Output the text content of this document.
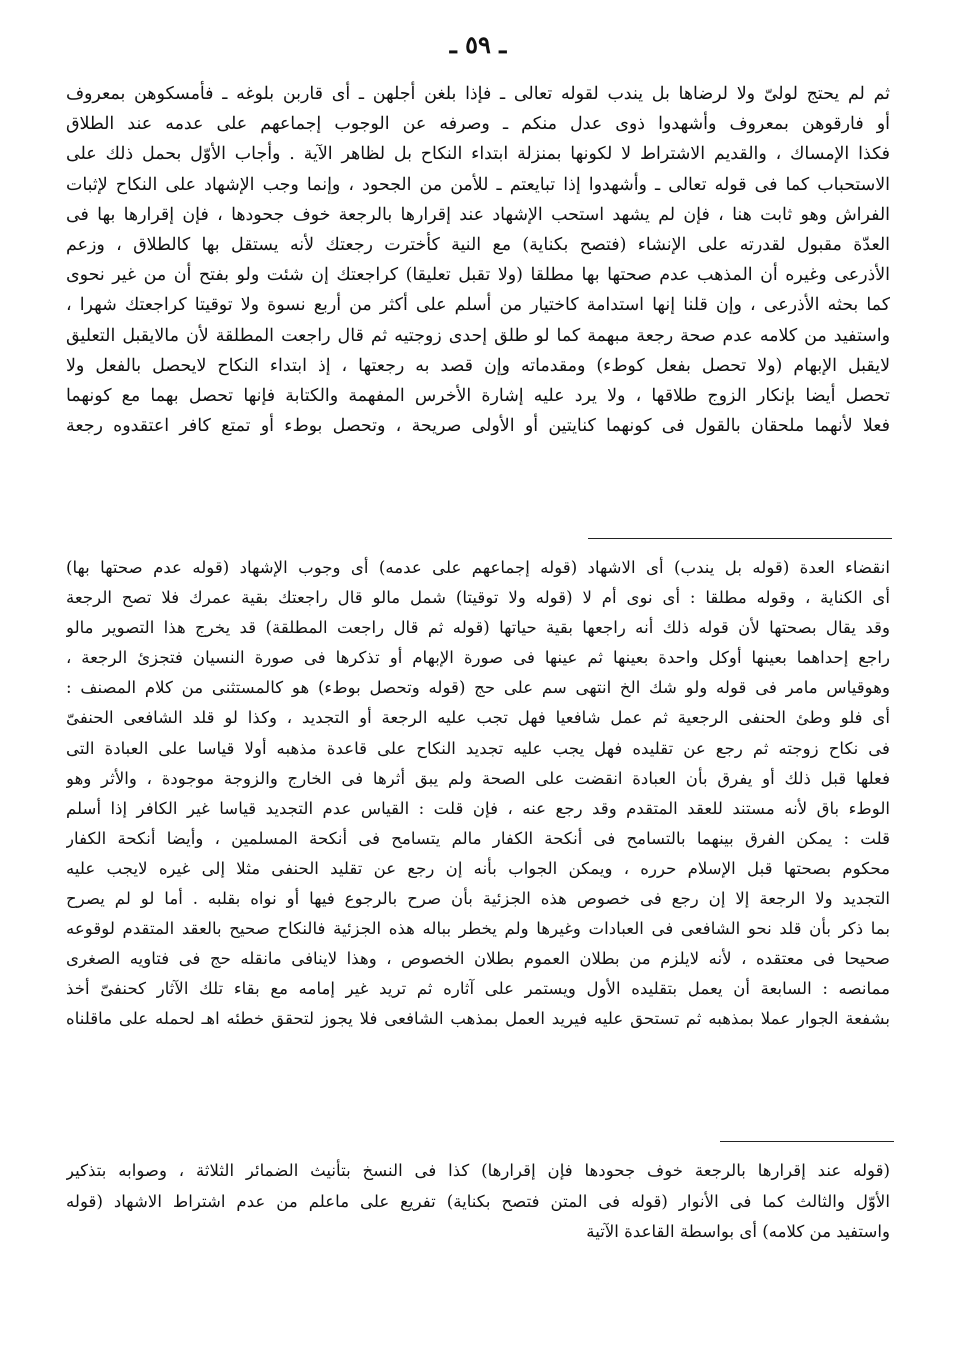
ـ ٥٩ ـ
ثم لم يحتج لولىّ ولا لرضاها بل يندب لقوله تعالى ـ فإذا بلغن أجلهن ـ أى قاربن بلوغه ـ فأمسكوهن بمعروف
أو فارقوهن بمعروف وأشهدوا ذوى عدل منكم ـ وصرفه عن الوجوب إجماعهم على عدمه عند الطلاق
فكذا الإمساك ، والقديم الاشتراط لا لكونها بمنزلة ابتداء النكاح بل لظاهر الآية . وأجاب الأوّل بحمل ذلك على
الاستحباب كما فى قوله تعالى ـ وأشهدوا إذا تبايعتم ـ للأمن من الجحود ، وإنما وجب الإشهاد على النكاح لإثبات
الفراش وهو ثابت هنا ، فإن لم يشهد استحب الإشهاد عند إقرارها بالرجعة خوف جحودها ، فإن إقرارها بها فى
العدّة مقبول لقدرته على الإنشاء (فتصح بكناية) مع النية كأخترت رجعتك لأنه يستقل بها كالطلاق ، وزعم
الأذرعى وغيره أن المذهب عدم صحتها بها مطلقا (ولا تقبل تعليقا) كراجعتك إن شئت ولو بفتح أن من غير نحوى
كما بحثه الأذرعى ، وإن قلنا إنها استدامة كاختيار من أسلم على أكثر من أربع نسوة ولا توقيتا كراجعتك شهرا ،
واستفيد من كلامه عدم صحة رجعة مبهمة كما لو طلق إحدى زوجتيه ثم قال راجعت المطلقة لأن مالايقبل التعليق
لايقبل الإبهام (ولا تحصل بفعل كوطء) ومقدماته وإن قصد به رجعتها ، إذ ابتداء النكاح لايحصل بالفعل ولا
تحصل أيضا بإنكار الزوج طلاقها ، ولا يرد عليه إشارة الأخرس المفهمة والكتابة فإنها تحصل بهما مع كونهما
فعلا لأنهما ملحقان بالقول فى كونهما كنايتين أو الأولى صريحة ، وتحصل بوطء أو تمتع كافر اعتقدوه رجعة
انقضاء العدة (قوله بل يندب) أى الاشهاد (قوله إجماعهم على عدمه) أى وجوب الإشهاد (قوله عدم صحتها بها)
أى الكناية ، وقوله مطلقا : أى نوى أم لا (قوله ولا توقيتا) شمل مالو قال راجعتك بقية عمرك فلا تصح الرجعة
وقد يقال بصحتها لأن قوله ذلك أنه راجعها بقية حياتها (قوله ثم قال راجعت المطلقة) قد يخرج هذا التصوير مالو
راجع إحداهما بعينها أوكل واحدة بعينها ثم عينها فى صورة الإبهام أو تذكرها فى صورة النسيان فتجزئ الرجعة ،
وهوقياس مامر فى قوله ولو شك الخ انتهى سم على حج (قوله وتحصل بوطء) هو كالمستثنى من كلام المصنف :
أى فلو وطئ الحنفى الرجعية ثم عمل شافعيا فهل تجب عليه الرجعة أو التجديد ، وكذا لو قلد الشافعى الحنفىّ
فى نكاح زوجته ثم رجع عن تقليده فهل يجب عليه تجديد النكاح على قاعدة مذهبه أولا قياسا على العبادة التى
فعلها قبل ذلك أو يفرق بأن العبادة انقضت على الصحة ولم يبق أثرها فى الخارج والزوجة موجودة ، والأثر وهو
الوطء باق لأنه مستند للعقد المتقدم وقد رجع عنه ، فإن قلت : القياس عدم التجديد قياسا غير الكافر إذا أسلم
قلت : يمكن الفرق بينهما بالتسامح فى أنكحة الكفار مالم يتسامح فى أنكحة المسلمين ، وأيضا أنكحة الكفار
محكوم بصحتها قبل الإسلام حرره ، ويمكن الجواب بأنه إن رجع عن تقليد الحنفى مثلا إلى غيره لايجب عليه
التجديد ولا الرجعة إلا إن رجع فى خصوص هذه الجزئية بأن صرح بالرجوع فيها أو نواه بقلبه . أما لو لم يصرح
بما ذكر بأن قلد نحو الشافعى فى العبادات وغيرها ولم يخطر بباله هذه الجزئية فالنكاح صحيح بالعقد المتقدم لوقوعه
صحيحا فى معتقده ، لأنه لايلزم من بطلان العموم بطلان الخصوص ، وهذا لاينافى مانقله حج فى فتاويه الصغرى
ممانصه : السابعة أن يعمل بتقليده الأول ويستمر على آثاره ثم تريد غير إمامه مع بقاء تلك الآثار كحنفىّ أخذ
بشفعة الجوار عملا بمذهبه ثم تستحق عليه فيريد العمل بمذهب الشافعى فلا يجوز لتحقق خطئه اهـ لحمله على ماقلناه
(قوله عند إقرارها بالرجعة خوف جحودها فإن إقرارها) كذا فى النسخ بتأنيث الضمائر الثلاثة ، وصوابه بتذكير
الأوّل والثالث كما فى الأنوار (قوله فى المتن فتصح بكناية) تفريع على ماعلم من عدم اشتراط الاشهاد (قوله
واستفيد من كلامه) أى بواسطة القاعدة الآتية
